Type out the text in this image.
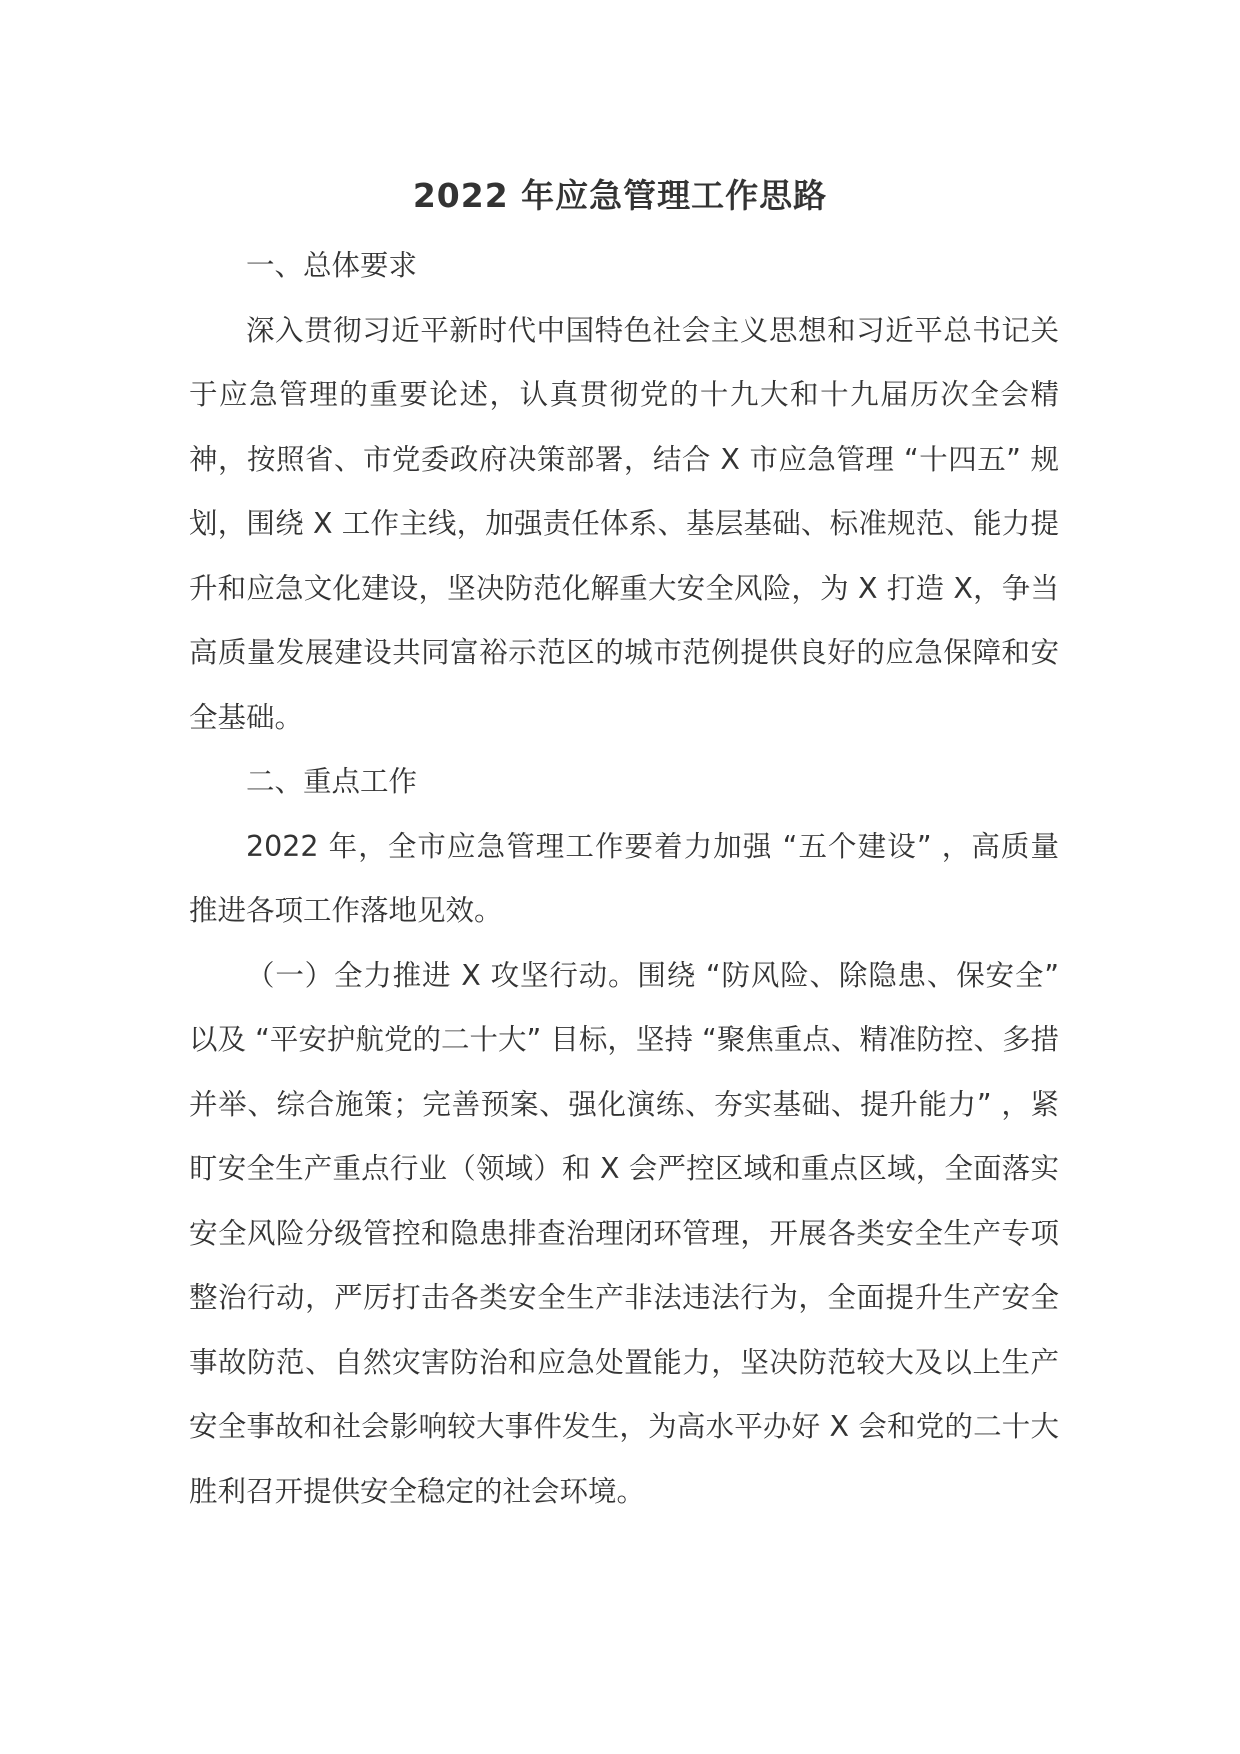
2022 年应急管理工作思路

一、总体要求

深入贯彻习近平新时代中国特色社会主义思想和习近平总书记关于应急管理的重要论述，认真贯彻党的十九大和十九届历次全会精神，按照省、市党委政府决策部署，结合 X 市应急管理 “十四五” 规划，围绕 X 工作主线，加强责任体系、基层基础、标准规范、能力提升和应急文化建设，坚决防范化解重大安全风险，为 X 打造 X，争当高质量发展建设共同富裕示范区的城市范例提供良好的应急保障和安全基础。

二、重点工作

2022 年，全市应急管理工作要着力加强 “五个建设” ，高质量推进各项工作落地见效。

（一）全力推进 X 攻坚行动。围绕 “防风险、除隐患、保安全” 以及 “平安护航党的二十大” 目标，坚持 “聚焦重点、精准防控、多措并举、综合施策；完善预案、强化演练、夯实基础、提升能力” ，紧盯安全生产重点行业（领域）和 X 会严控区域和重点区域，全面落实安全风险分级管控和隐患排查治理闭环管理，开展各类安全生产专项整治行动，严厉打击各类安全生产非法违法行为，全面提升生产安全事故防范、自然灾害防治和应急处置能力，坚决防范较大及以上生产安全事故和社会影响较大事件发生，为高水平办好 X 会和党的二十大胜利召开提供安全稳定的社会环境。
